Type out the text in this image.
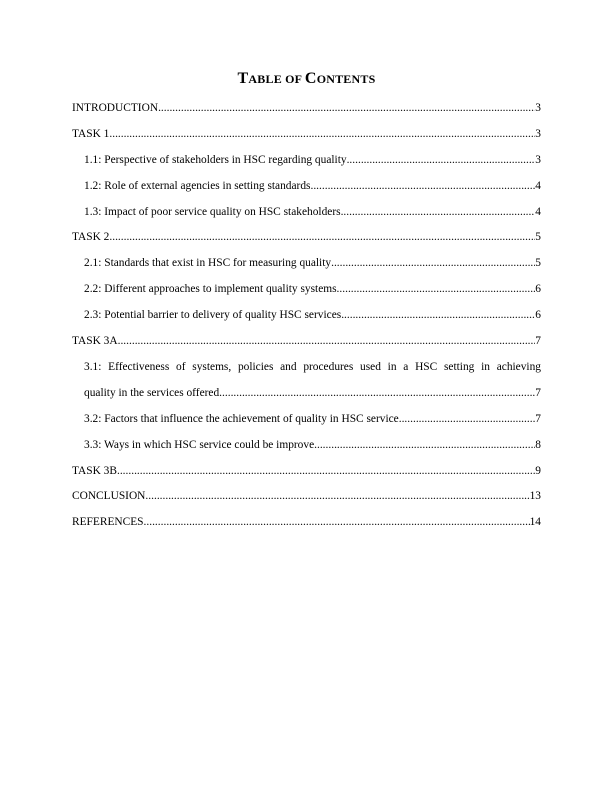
TABLE OF CONTENTS
INTRODUCTION .....	3
TASK 1 .....	3
1.1: Perspective of stakeholders in HSC regarding quality .....	3
1.2: Role of external agencies in setting standards .....	4
1.3: Impact of poor service quality on HSC stakeholders .....	4
TASK 2 .....	5
2.1: Standards that exist in HSC for measuring quality .....	5
2.2: Different approaches to implement quality systems .....	6
2.3: Potential barrier to delivery of quality HSC services .....	6
TASK 3A .....	7
3.1: Effectiveness of systems, policies and procedures used in a HSC setting in achieving
quality in the services offered .....	7
3.2: Factors that influence the achievement of quality in HSC service .....	7
3.3: Ways in which HSC service could be improve .....	8
TASK 3B .....	9
CONCLUSION .....	13
REFERENCES .....	14
